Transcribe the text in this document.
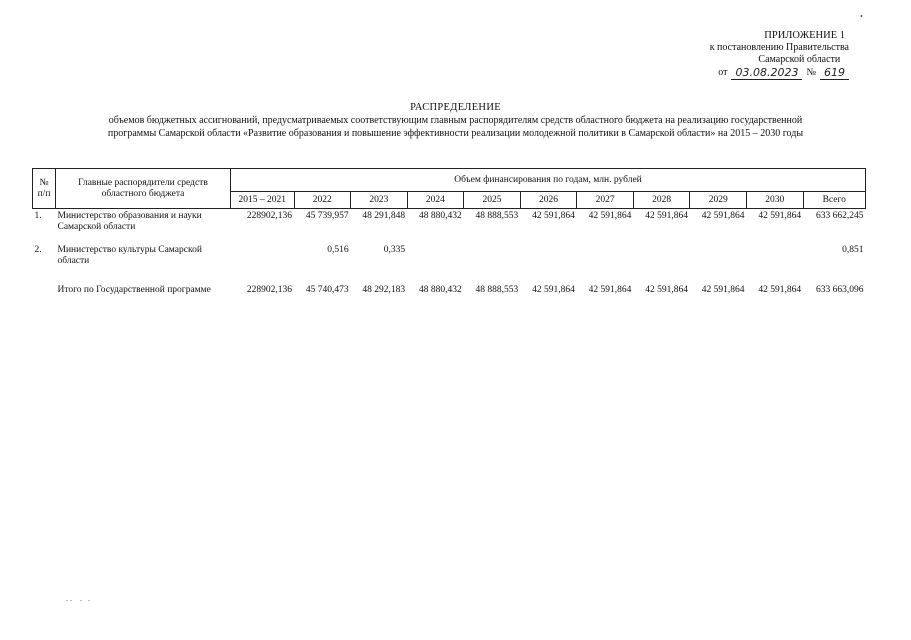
ПРИЛОЖЕНИЕ 1
к постановлению Правительства
Самарской области
от 03.08.2023 № 619
РАСПРЕДЕЛЕНИЕ
объемов бюджетных ассигнований, предусматриваемых соответствующим главным распорядителям средств областного бюджета на реализацию государственной
программы Самарской области «Развитие образования и повышение эффективности реализации молодежной политики в Самарской области» на 2015 – 2030 годы
№ п/п	Главные распорядители средств областного бюджета	Объем финансирования по годам, млн. рублей										
		2015 – 2021	2022	2023	2024	2025	2026	2027	2028	2029	2030	Всего
1.	Министерство образования и науки Самарской области	228902,136	45 739,957	48 291,848	48 880,432	48 888,553	42 591,864	42 591,864	42 591,864	42 591,864	42 591,864	633 662,245
2.	Министерство культуры Самарской области		0,516	0,335								0,851
	Итого по Государственной программе	228902,136	45 740,473	48 292,183	48 880,432	48 888,553	42 591,864	42 591,864	42 591,864	42 591,864	42 591,864	633 663,096
•
. .    .   .
